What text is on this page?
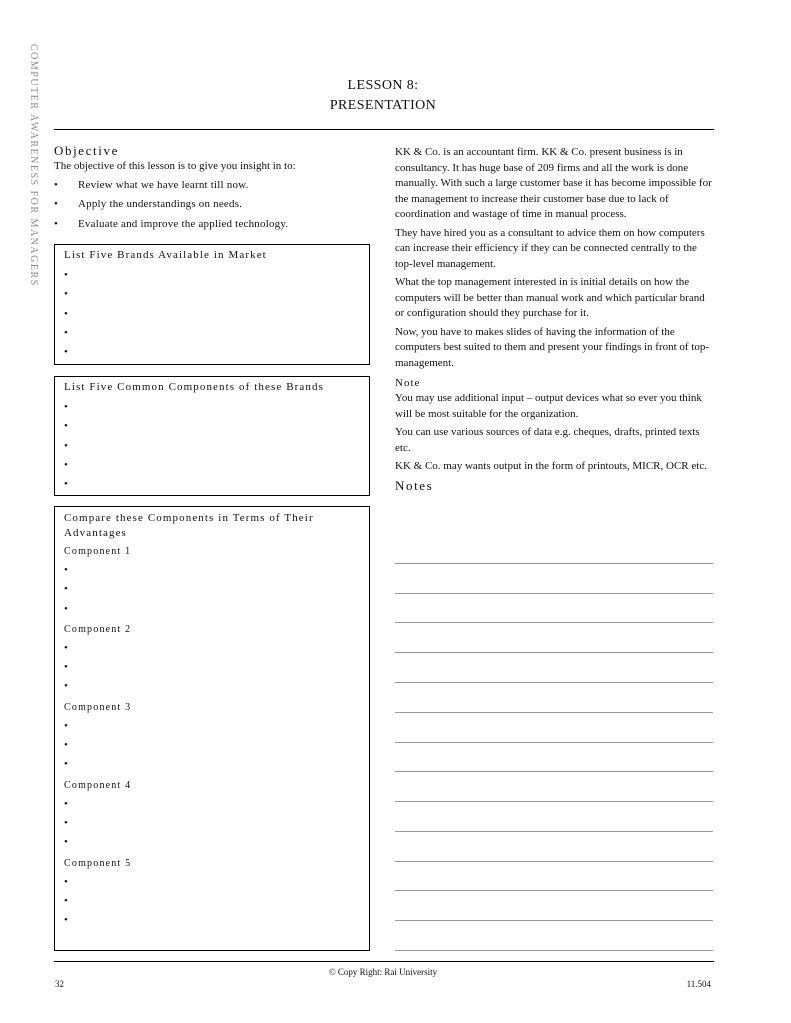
COMPUTER AWARENESS FOR MANAGERS	LESSON 8:
PRESENTATION
Objective
The objective of this lesson is to give you insight in to:
• Review what we have learnt till now.
• Apply the understandings on needs.
• Evaluate and improve the applied technology.
List Five Brands Available in Market
•
•
•
•
•
List Five Common Components of these Brands
•
•
•
•
•
Compare these Components in Terms of Their Advantages
Component 1
•
•
•
Component 2
•
•
•
Component 3
•
•
•
Component 4
•
•
•
Component 5
•
•
•

KK & Co. is an accountant firm. KK & Co. present business is in consultancy. It has huge base of 209 firms and all the work is done manually. With such a large customer base it has become impossible for the management to increase their customer base due to lack of coordination and wastage of time in manual process.

They have hired you as a consultant to advice them on how computers can increase their efficiency if they can be connected centrally to the top-level management.

What the top management interested in is initial details on how the computers will be better than manual work and which particular brand or configuration should they purchase for it.

Now, you have to makes slides of having the information of the computers best suited to them and present your findings in front of top-management.

Note

You may use additional input – output devices what so ever you think will be most suitable for the organization.

You can use various sources of data e.g. cheques, drafts, printed texts etc.

KK & Co. may wants output in the form of printouts, MICR, OCR etc.

Notes
© Copy Right: Rai University
32	11.504
